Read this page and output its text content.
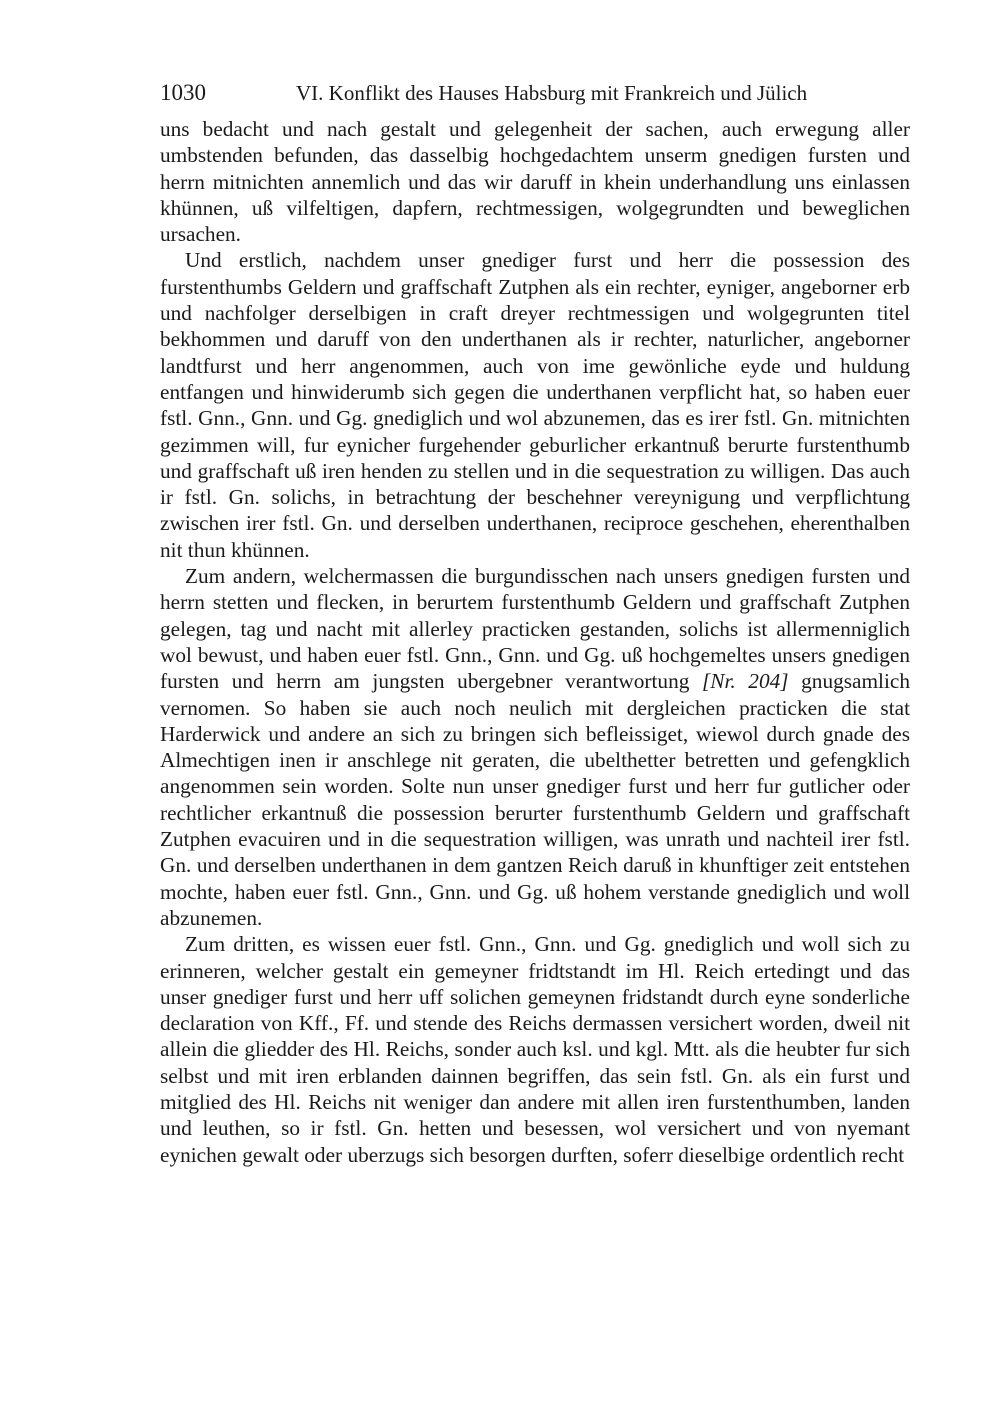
1030	VI. Konflikt des Hauses Habsburg mit Frankreich und Jülich

uns bedacht und nach gestalt und gelegenheit der sachen, auch erwegung aller umbstenden befunden, das dasselbig hochgedachtem unserm gnedigen fursten und herrn mitnichten annemlich und das wir daruff in khein underhandlung uns einlassen khünnen, uß vilfeltigen, dapfern, rechtmessigen, wolgegrundten und beweglichen ursachen.

Und erstlich, nachdem unser gnediger furst und herr die possession des furstenthumbs Geldern und graffschaft Zutphen als ein rechter, eyniger, angeborner erb und nachfolger derselbigen in craft dreyer rechtmessigen und wolgegrunten titel bekhommen und daruff von den underthanen als ir rechter, naturlicher, angeborner landtfurst und herr angenommen, auch von ime gewönliche eyde und huldung entfangen und hinwiderumb sich gegen die underthanen verpflicht hat, so haben euer fstl. Gnn., Gnn. und Gg. gnediglich und wol abzunemen, das es irer fstl. Gn. mitnichten gezimmen will, fur eynicher furgehender geburlicher erkantnuß berurte furstenthumb und graffschaft uß iren henden zu stellen und in die sequestration zu willigen. Das auch ir fstl. Gn. solichs, in betrachtung der beschehner vereynigung und verpflichtung zwischen irer fstl. Gn. und derselben underthanen, reciproce geschehen, eherenthalben nit thun khünnen.

Zum andern, welchermassen die burgundisschen nach unsers gnedigen fursten und herrn stetten und flecken, in berurtem furstenthumb Geldern und graffschaft Zutphen gelegen, tag und nacht mit allerley practicken gestanden, solichs ist allermenniglich wol bewust, und haben euer fstl. Gnn., Gnn. und Gg. uß hochgemeltes unsers gnedigen fursten und herrn am jungsten ubergebner verantwortung [Nr. 204] gnugsamlich vernomen. So haben sie auch noch neulich mit dergleichen practicken die stat Harderwick und andere an sich zu bringen sich befleissiget, wiewol durch gnade des Almechtigen inen ir anschlege nit geraten, die ubelthetter betretten und gefengklich angenommen sein worden. Solte nun unser gnediger furst und herr fur gutlicher oder rechtlicher erkantnuß die possession berurter furstenthumb Geldern und graffschaft Zutphen evacuiren und in die sequestration willigen, was unrath und nachteil irer fstl. Gn. und derselben underthanen in dem gantzen Reich daruß in khunftiger zeit entstehen mochte, haben euer fstl. Gnn., Gnn. und Gg. uß hohem verstande gnediglich und woll abzunemen.

Zum dritten, es wissen euer fstl. Gnn., Gnn. und Gg. gnediglich und woll sich zu erinneren, welcher gestalt ein gemeyner fridtstandt im Hl. Reich ertedingt und das unser gnediger furst und herr uff solichen gemeynen fridstandt durch eyne sonderliche declaration von Kff., Ff. und stende des Reichs dermassen versichert worden, dweil nit allein die gliedder des Hl. Reichs, sonder auch ksl. und kgl. Mtt. als die heubter fur sich selbst und mit iren erblanden dainnen begriffen, das sein fstl. Gn. als ein furst und mitglied des Hl. Reichs nit weniger dan andere mit allen iren furstenthumben, landen und leuthen, so ir fstl. Gn. hetten und besessen, wol versichert und von nyemant eynichen gewalt oder uberzugs sich besorgen durften, soferr dieselbige ordentlich recht
